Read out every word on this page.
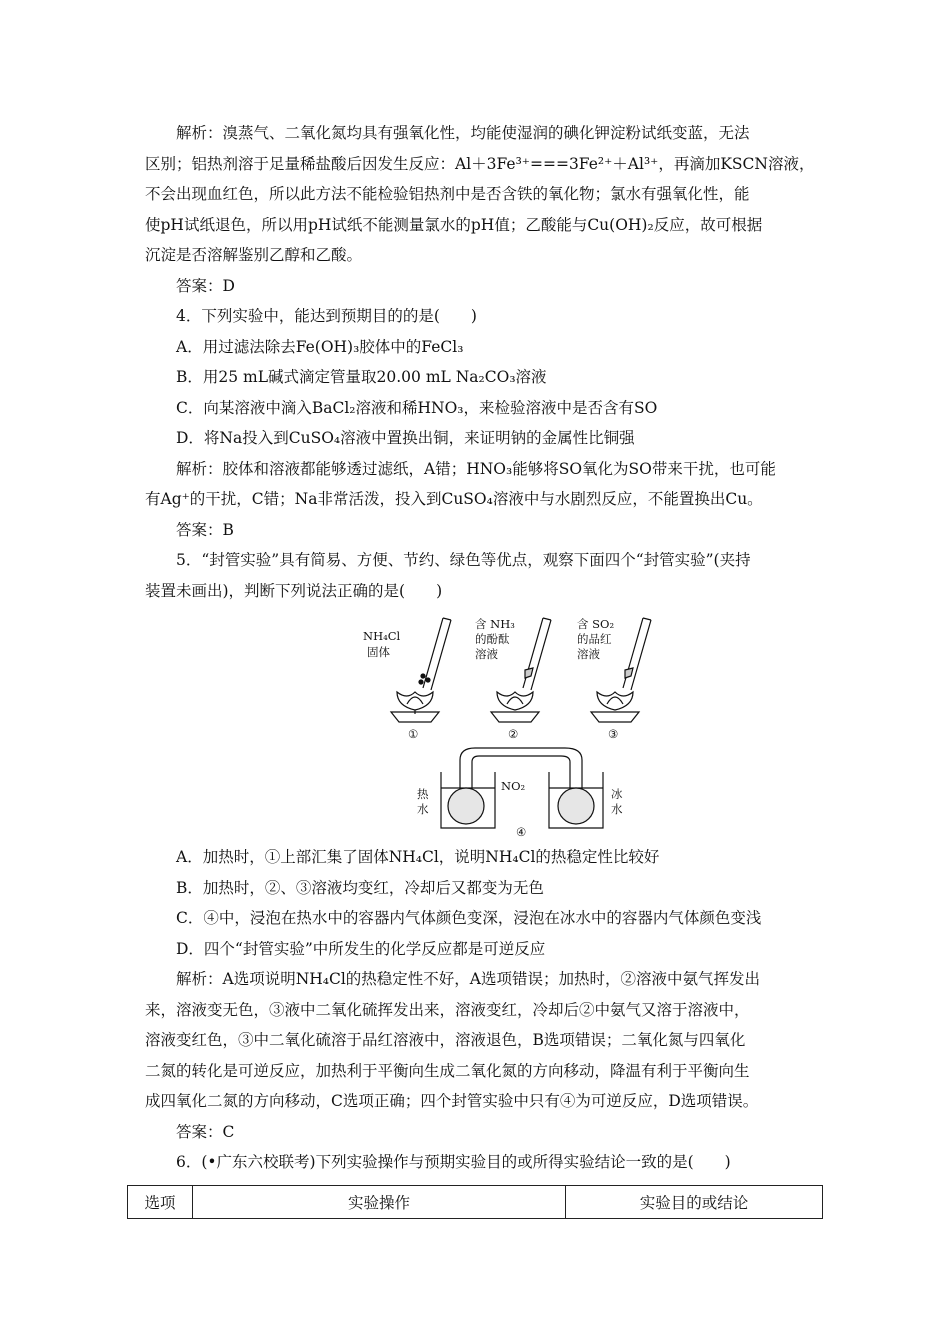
解析：溴蒸气、二氧化氮均具有强氧化性，均能使湿润的碘化钾淀粉试纸变蓝，无法

区别；铝热剂溶于足量稀盐酸后因发生反应：Al＋3Fe³⁺===3Fe²⁺＋Al³⁺，再滴加KSCN溶液，

不会出现血红色，所以此方法不能检验铝热剂中是否含铁的氧化物；氯水有强氧化性，能

使pH试纸退色，所以用pH试纸不能测量氯水的pH值；乙酸能与Cu(OH)₂反应，故可根据

沉淀是否溶解鉴别乙醇和乙酸。

答案：D

4．下列实验中，能达到预期目的的是(　　)

A．用过滤法除去Fe(OH)₃胶体中的FeCl₃

B．用25 mL碱式滴定管量取20.00 mL Na₂CO₃溶液

C．向某溶液中滴入BaCl₂溶液和稀HNO₃，来检验溶液中是否含有SO

D．将Na投入到CuSO₄溶液中置换出铜，来证明钠的金属性比铜强

解析：胶体和溶液都能够透过滤纸，A错；HNO₃能够将SO氧化为SO带来干扰，也可能

有Ag⁺的干扰，C错；Na非常活泼，投入到CuSO₄溶液中与水剧烈反应，不能置换出Cu。

答案：B

5．“封管实验”具有简易、方便、节约、绿色等优点，观察下面四个“封管实验”(夹持

装置未画出)，判断下列说法正确的是(　　)

NH₄Cl
固体
含 NH₃
的酚酞
溶液
含 SO₂
的品红
溶液
①	②	③
热
水
NO₂
冰
水
④

A．加热时，①上部汇集了固体NH₄Cl，说明NH₄Cl的热稳定性比较好

B．加热时，②、③溶液均变红，冷却后又都变为无色

C．④中，浸泡在热水中的容器内气体颜色变深，浸泡在冰水中的容器内气体颜色变浅

D．四个“封管实验”中所发生的化学反应都是可逆反应

解析：A选项说明NH₄Cl的热稳定性不好，A选项错误；加热时，②溶液中氨气挥发出

来，溶液变无色，③液中二氧化硫挥发出来，溶液变红，冷却后②中氨气又溶于溶液中，

溶液变红色，③中二氧化硫溶于品红溶液中，溶液退色，B选项错误；二氧化氮与四氧化

二氮的转化是可逆反应，加热利于平衡向生成二氧化氮的方向移动，降温有利于平衡向生

成四氧化二氮的方向移动，C选项正确；四个封管实验中只有④为可逆反应，D选项错误。

答案：C

6．(•广东六校联考)下列实验操作与预期实验目的或所得实验结论一致的是(　　)

选项	实验操作	实验目的或结论
